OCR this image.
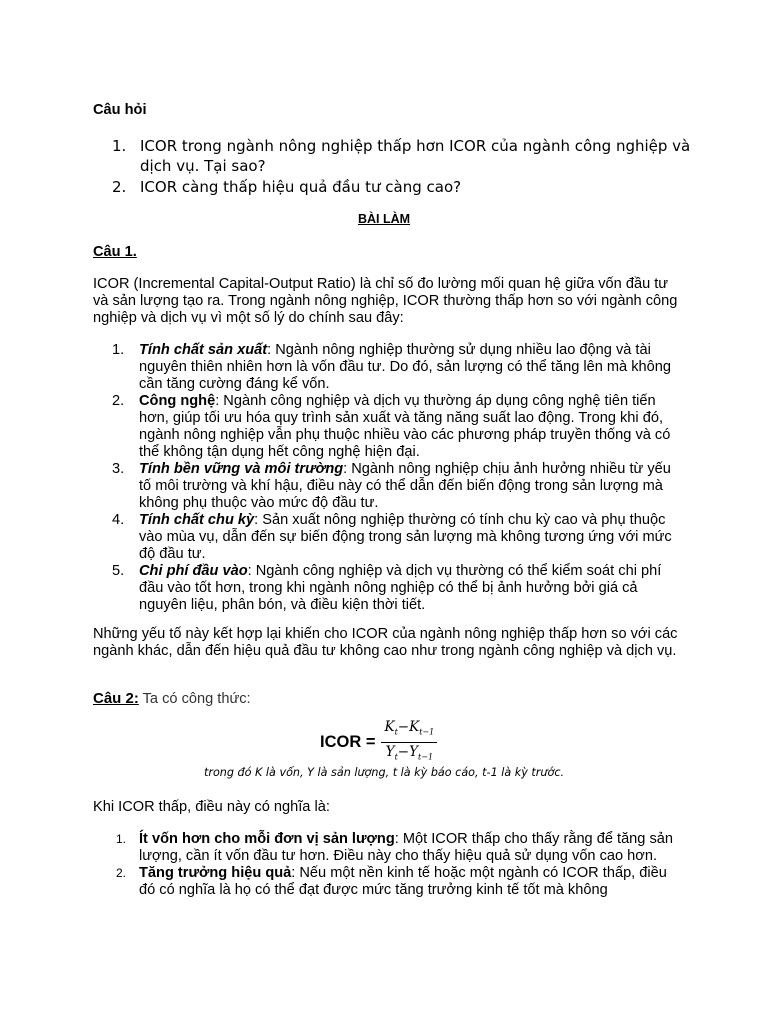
Câu hỏi
1. ICOR trong ngành nông nghiệp thấp hơn ICOR của ngành công nghiệp và dịch vụ. Tại sao?
2. ICOR càng thấp hiệu quả đầu tư càng cao?
BÀI LÀM
Câu 1.
ICOR (Incremental Capital-Output Ratio) là chỉ số đo lường mối quan hệ giữa vốn đầu tư và sản lượng tạo ra. Trong ngành nông nghiệp, ICOR thường thấp hơn so với ngành công nghiệp và dịch vụ vì một số lý do chính sau đây:
1. Tính chất sản xuất: Ngành nông nghiệp thường sử dụng nhiều lao động và tài nguyên thiên nhiên hơn là vốn đầu tư. Do đó, sản lượng có thể tăng lên mà không cần tăng cường đáng kể vốn.
2. Công nghệ: Ngành công nghiệp và dịch vụ thường áp dụng công nghệ tiên tiến hơn, giúp tối ưu hóa quy trình sản xuất và tăng năng suất lao động. Trong khi đó, ngành nông nghiệp vẫn phụ thuộc nhiều vào các phương pháp truyền thống và có thể không tận dụng hết công nghệ hiện đại.
3. Tính bền vững và môi trường: Ngành nông nghiệp chịu ảnh hưởng nhiều từ yếu tố môi trường và khí hậu, điều này có thể dẫn đến biến động trong sản lượng mà không phụ thuộc vào mức độ đầu tư.
4. Tính chất chu kỳ: Sản xuất nông nghiệp thường có tính chu kỳ cao và phụ thuộc vào mùa vụ, dẫn đến sự biến động trong sản lượng mà không tương ứng với mức độ đầu tư.
5. Chi phí đầu vào: Ngành công nghiệp và dịch vụ thường có thể kiểm soát chi phí đầu vào tốt hơn, trong khi ngành nông nghiệp có thể bị ảnh hưởng bởi giá cả nguyên liệu, phân bón, và điều kiện thời tiết.
Những yếu tố này kết hợp lại khiến cho ICOR của ngành nông nghiệp thấp hơn so với các ngành khác, dẫn đến hiệu quả đầu tư không cao như trong ngành công nghiệp và dịch vụ.
Câu 2: Ta có công thức:
ICOR = $\frac{K_t-K_{t-1}}{Y_t-Y_{t-1}}$
trong đó K là vốn, Y là sản lượng, t là kỳ báo cáo, t-1 là kỳ trước.
Khi ICOR thấp, điều này có nghĩa là:
1. Ít vốn hơn cho mỗi đơn vị sản lượng: Một ICOR thấp cho thấy rằng để tăng sản lượng, cần ít vốn đầu tư hơn. Điều này cho thấy hiệu quả sử dụng vốn cao hơn.
2. Tăng trưởng hiệu quả: Nếu một nền kinh tế hoặc một ngành có ICOR thấp, điều đó có nghĩa là họ có thể đạt được mức tăng trưởng kinh tế tốt mà không
